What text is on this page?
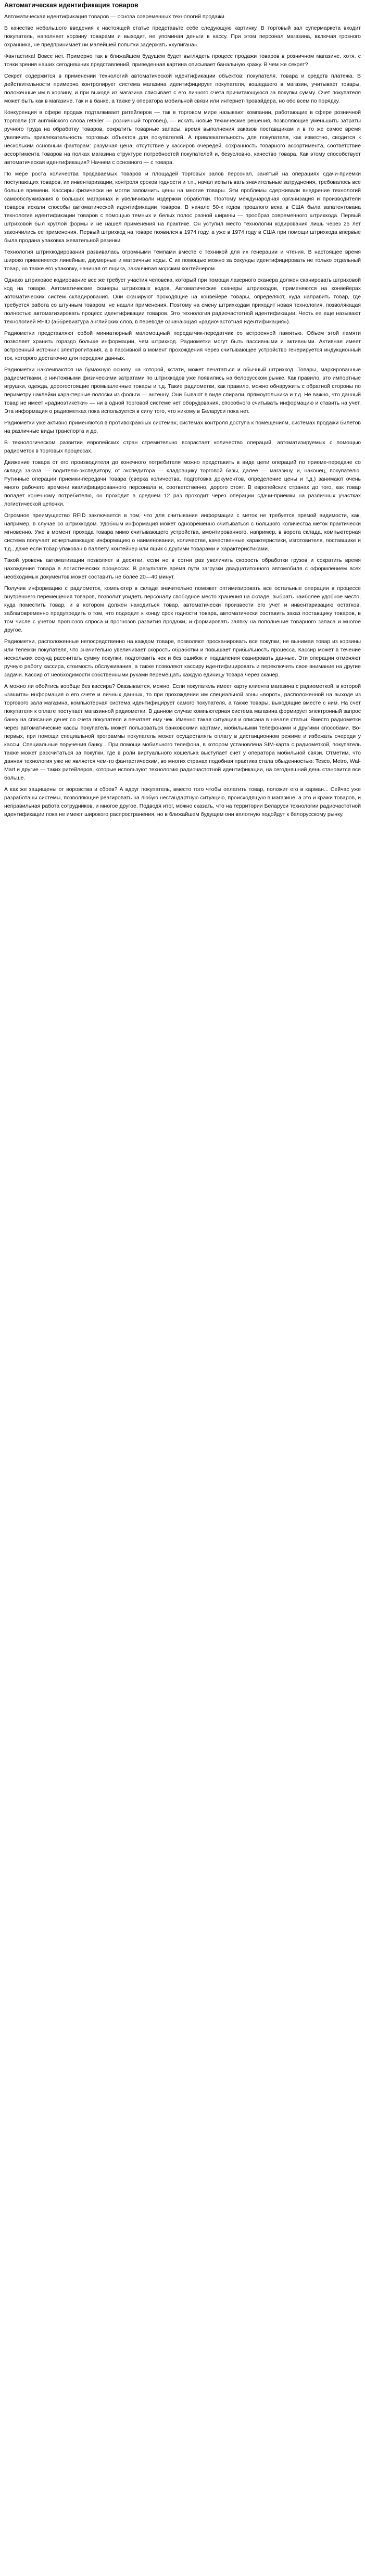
Автоматическая идентификация товаров

Автоматическая идентификация товаров — основа современных технологий продажи

В качестве небольшого введения к настоящей статье представьте себе следующую картинку. В торговый зал супермаркета входит покупатель, наполняет корзину товарами и выходит, не упоминая деньги в кассу. При этом персонал магазина, включая грозного охранника, не предпринимает ни малейшей попытки задержать «хулигана».

Фантастика! Вовсе нет. Примерно так в ближайшем будущем будет выглядеть процесс продажи товаров в розничном магазине, хотя, с точки зрения наших сегодняшних представлений, приведенная картина описывает банальную кражу. В чем же секрет?

Секрет содержится в применении технологий автоматической идентификации объектов: покупателя, товара и средств платежа. В действительности примерно контролирует система магазина идентифицирует покупателя, вошедшего в магазин, учитывает товары, положенные им в корзину, и при выходе из магазина списывает с его личного счета причитающуюся за покупки сумму. Счет покупателя может быть как в магазине, так и в банке, а также у оператора мобильной связи или интернет-провайдера, но обо всем по порядку.

Конкуренция в сфере продаж подталкивает ритейлеров — так в торговом мире называют компании, работающие в сфере розничной торговли (от английского слова retailer — розничный торговец), — искать новые технические решения, позволяющие уменьшить затраты ручного труда на обработку товаров, сократить товарные запасы, время выполнения заказов поставщикам и в то же самое время увеличить привлекательность торговых объектов для покупателей. А привлекательность для покупателя, как известно, сводится к нескольким основным факторам: разумная цена, отсутствие у кассиров очередей, сохранность товарного ассортимента, соответствие ассортимента товаров на полках магазина структуре потребностей покупателей и, безусловно, качество товара. Как этому способствует автоматическая идентификация? Начнем с основного — с товара.

По мере роста количества продаваемых товаров и площадей торговых залов персонал, занятый на операциях сдачи-приемки поступающих товаров, их инвентаризации, контроля сроков годности и т.п., начал испытывать значительные затруднения, требовалось все больше времени. Кассиры физически не могли запомнить цены на многие товары. Эти проблемы сдерживали внедрение технологий самообслуживания в больших магазинах и увеличивали издержки обработки. Поэтому международная организация и производители товаров искали способы автоматической идентификации товаров. В начале 50-х годов прошлого века в США была запатентована технология идентификации товаров с помощью темных и белых полос разной ширины — прообраз современного штрихкода. Первый штриховой был круглой формы и не нашел применения на практике. Он уступил место технологии кодирования лишь через 25 лет закончились ее применения. Первый штрихкод на товаре появился в 1974 году, а уже в 1974 году в США при помощи штрихкода впервые была продана упаковка жевательной резинки.

Технология штрихкодирования развивалась огромными темпами вместе с техникой для их генерации и чтения. В настоящее время широко применяется линейные, двумерные и матричные коды. С их помощью можно за секунды идентифицировать не только отдельный товар, но также его упаковку, начиная от ящика, заканчивая морским контейнером.

Однако штриховое кодирование все же требует участия человека, который при помощи лазерного сканера должен сканировать штриховой код на товаре. Автоматические сканеры штриховых кодов. Автоматические сканеры штрихкодов, применяются на конвейерах автоматических систем складирования. Они сканируют проходящие на конвейере товары, определяют, куда направить товар, где требуется работа со штучным товаром, не нашли применения. Поэтому на смену штрихкодам приходит новая технология, позволяющая полностью автоматизировать процесс идентификации товаров. Это технология радиочастотной идентификации. Честь ее еще называют технологией RFID (аббревиатура английских слов, в переводе означающая «радиочастотная идентификация»).

Радиометки представляют собой миниатюрный маломощный передатчик-передатчик со встроенной памятью. Объем этой памяти позволяет хранить гораздо больше информации, чем штрихкод. Радиометки могут быть пассивными и активными. Активная имеет встроенный источник электропитания, а в пассивной в момент прохождения через считывающее устройство генерируется индукционный ток, которого достаточно для передачи данных.

Радиометки наклеиваются на бумажную основу, на которой, кстати, может печататься и обычный штрихкод. Товары, маркированные радиометками, с ничтожными физическими затратами по штрихкодов уже появились на белорусском рынке. Как правило, это импортные игрушки, одежда, дорогостоящие промышленные товары и т.д. Такие радиометки, как правило, можно обнаружить с обратной стороны по периметру наклейки характерные полоски из фольги — антенну. Они бывают в виде спирали, прямоугольника и т.д. Не важно, что данный товар не имеет «радиоэтикетки» — ни в одной торговой системе нет оборудования, способного считывать информацию и ставить на учет. Эта информация о радиометках пока используется в силу того, что никому в Беларуси пока нет.

Радиометки уже активно применяются в противокражных системах, системах контроля доступа к помещениям, системах продажи билетов на различные виды транспорта и др.

В технологическом развитии европейских стран стремительно возрастает количество операций, автоматизируемых с помощью радиометок в торговых процессах.

Движение товара от его производителя до конечного потребителя можно представить в виде цепи операций по приеме-передаче со склада заказа — водителю-экспедитору, от экспедитора — кладовщику торговой базы, далее — магазину, и, наконец, покупателю. Рутинные операции приемки-передачи товара (сверка количества, подготовка документов, определение цены и т.д.) занимают очень много рабочего времени квалифицированного персонала и, соответственно, дорого стоят. В европейских странах до того, как товар попадет конечному потребителю, он проходит в среднем 12 раз проходит через операции сдачи-приемки на различных участках логистической цепочки.

Огромное преимущество RFID заключается в том, что для считывания информации с меток не требуется прямой видимости, как, например, в случае со штрихкодом. Удобным информация может одновременно считываться с большого количества меток практически мгновенно. Уже в момент прохода товара мимо считывающего устройства, вмонтированного, например, в ворота склада, компьютерная система получает исчерпывающую информацию о наименовании, количестве, качественные характеристики, изготовителя, поставщике и т.д., даже если товар упакован в паллету, контейнер или ящик с другими товарами и характеристиками.

Такой уровень автоматизации позволяет в десятки, если не в сотни раз увеличить скорость обработки грузов и сократить время нахождения товара в логистических процессах. В результате время пути загрузки двадцатитонного автомобиля с оформлением всех необходимых документов может составить не более 20—40 минут.

Получив информацию с радиометок, компьютер в складе значительно поможет оптимизировать все остальные операции в процессе внутреннего перемещения товаров, позволит увидеть персоналу свободное место хранения на складе, выбрать наиболее удобное место, куда поместить товар, и в котором должен находиться товар, автоматически произвести его учет и инвентаризацию остатков, заблаговременно предупредить о том, что подходит к концу срок годности товара, автоматически составить заказ поставщику товаров, в том числе с учетом прогнозов спроса и прогнозов развития продажи, и формировать заявку на пополнение товарного запаса и многое другое.

Радиометки, расположенные непосредственно на каждом товаре, позволяют просканировать все покупки, не вынимая товар из корзины или тележки покупателя, что значительно увеличивает скорость обработки и повышает прибыльность процесса. Кассир может в течение нескольких секунд рассчитать сумму покупки, подготовить чек и без ошибок и подавления сканировать данные. Эти операции отменяют ручную работу кассира, стоимость обслуживания, а также позволяют кассиру идентифицировать и переключить свое внимание на другие задачи. Кассир от необходимости собственными руками перемещать каждую единицу товара через сканер.

А можно ли обойтись вообще без кассира? Оказывается, можно. Если покупатель имеет карту клиента магазина с радиометкой, в которой «зашита» информация о его счете и личных данных, то при прохождении им специальной зоны «ворот», расположенной на выходе из торгового зала магазина, компьютерная система идентифицирует самого покупателя, а также товары, выходящие вместе с ним. На счет покупателя к оплате поступает магазинной радиометки. В данном случае компьютерная система магазина формирует электронный запрос банку на списание денег со счета покупателя и печатает ему чек. Именно такая ситуация и описана в начале статьи. Вместо радиометки через автоматические кассы покупатель может пользоваться банковскими картами, мобильными телефонами и другими способами. Во-первых, при помощи специальной программы покупатель может осуществлять оплату в дистанционном режиме и избежать очереди у кассы. Специальные поручения банку... При помощи мобильного телефона, в котором установлена SIM-карта с радиометкой, покупатель также может рассчитаться за покупки, где в роли виртуального кошелька выступает счет у оператора мобильной связи. Отметим, что данная технология уже не является чем-то фантастическим, во многих странах подобная практика стала обыденностью: Tesco, Metro, Wal-Mart и другие — таких ритейлеров, которые используют технологию радиочастотной идентификации, на сегодняшний день становится все больше.

А как же защищены от воровства и сбоев? А вдруг покупатель, вместо того чтобы оплатить товар, положит его в карман... Сейчас уже разработаны системы, позволяющие реагировать на любую нестандартную ситуацию, происходящую в магазине, а это и кражи товаров, и неправильная работа сотрудников, и многое другое. Подводя итог, можно сказать, что на территории Беларуси технологии радиочастотной идентификации пока не имеют широкого распространения, но в ближайшем будущем они вплотную подойдут к белорусскому рынку.
